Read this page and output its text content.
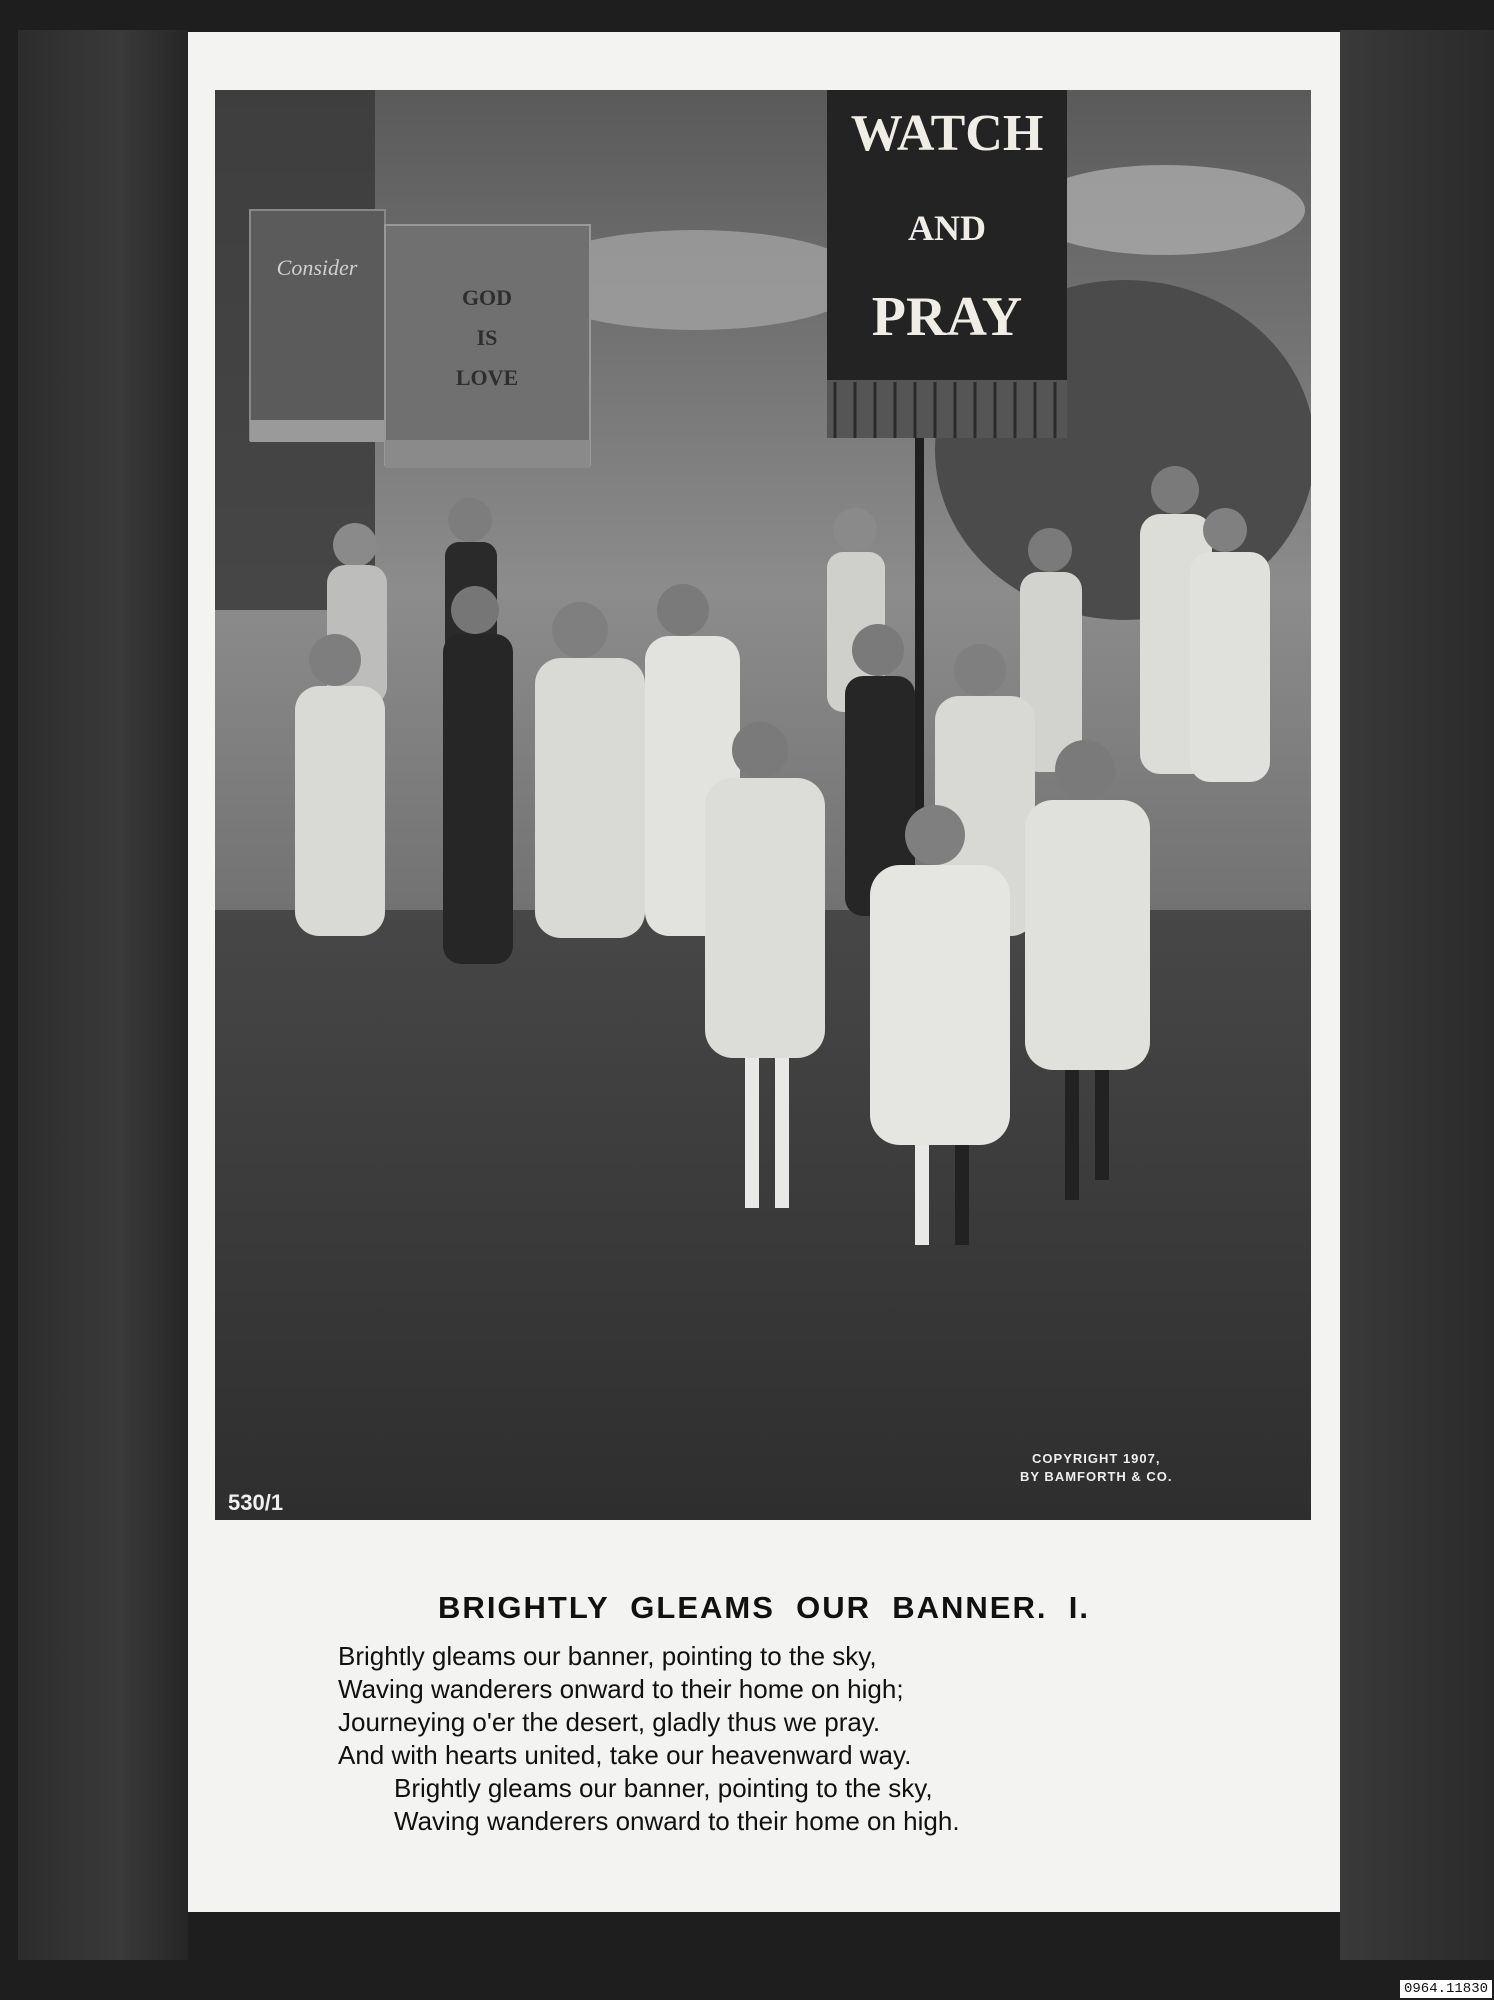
Consider
GOD
IS
LOVE
WATCH
AND
PRAY
COPYRIGHT 1907,
BY BAMFORTH & CO.
530/1
BRIGHTLY  GLEAMS  OUR  BANNER.  I.
Brightly gleams our banner, pointing to the sky,
Waving wanderers onward to their home on high;
Journeying o'er the desert, gladly thus we pray.
And with hearts united, take our heavenward way.
Brightly gleams our banner, pointing to the sky,
Waving wanderers onward to their home on high.
0964.11830
